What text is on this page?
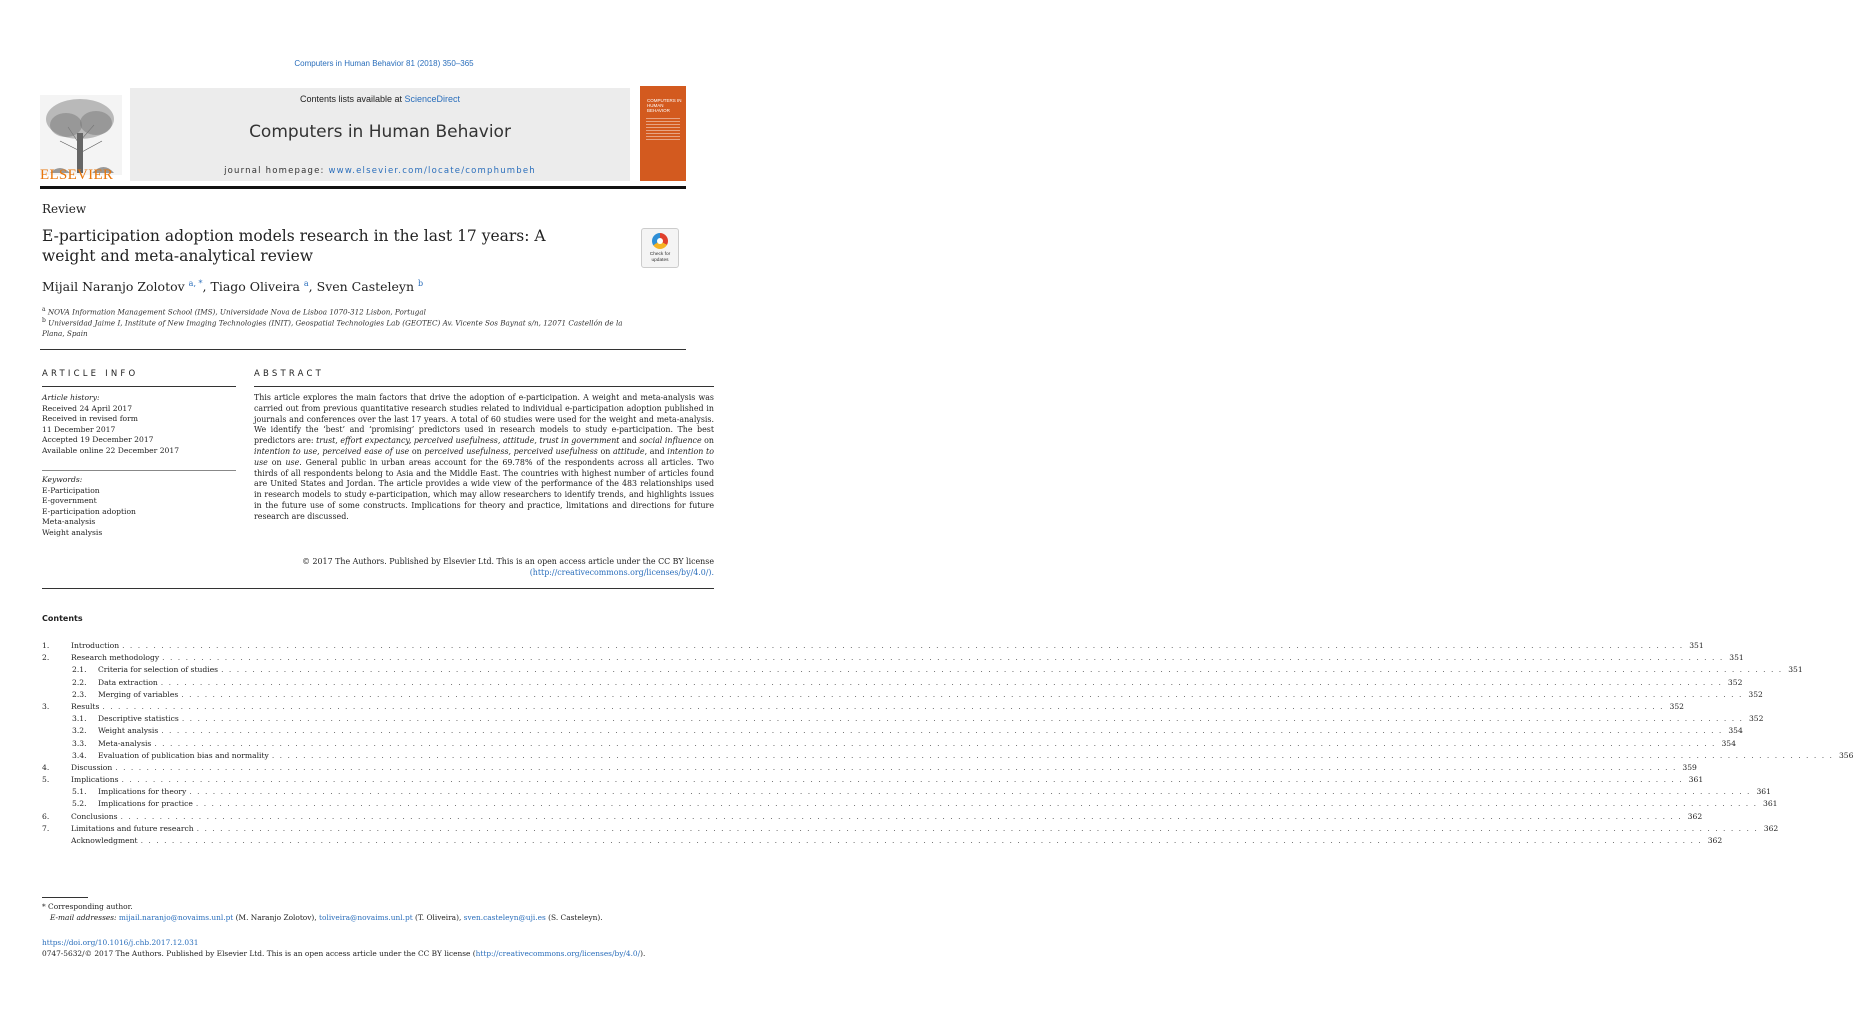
Computers in Human Behavior 81 (2018) 350–365
ELSEVIER
Contents lists available at ScienceDirect
Computers in Human Behavior
journal homepage: www.elsevier.com/locate/comphumbeh
COMPUTERS IN HUMAN BEHAVIOR
Review
E-participation adoption models research in the last 17 years: A weight and meta-analytical review	Check for updates
Mijail Naranjo Zolotov $^{a, *}$, Tiago Oliveira $^a$, Sven Casteleyn $^b$
$^a$ NOVA Information Management School (IMS), Universidade Nova de Lisboa 1070-312 Lisbon, Portugal
$^b$ Universidad Jaime I, Institute of New Imaging Technologies (INIT), Geospatial Technologies Lab (GEOTEC) Av. Vicente Sos Baynat s/n, 12071 Castellón de la Plana, Spain
ARTICLE INFO	ABSTRACT
Article history:
Received 24 April 2017
Received in revised form
11 December 2017
Accepted 19 December 2017
Available online 22 December 2017
Keywords:
E-Participation
E-government
E-participation adoption
Meta-analysis
Weight analysis
This article explores the main factors that drive the adoption of e-participation. A weight and meta-analysis was carried out from previous quantitative research studies related to individual e-participation adoption published in journals and conferences over the last 17 years. A total of 60 studies were used for the weight and meta-analysis. We identify the ‘best’ and ‘promising’ predictors used in research models to study e-participation. The best predictors are: trust, effort expectancy, perceived usefulness, attitude, trust in government and social influence on intention to use, perceived ease of use on perceived usefulness, perceived usefulness on attitude, and intention to use on use. General public in urban areas account for the 69.78% of the respondents across all articles. Two thirds of all respondents belong to Asia and the Middle East. The countries with highest number of articles found are United States and Jordan. The article provides a wide view of the performance of the 483 relationships used in research models to study e-participation, which may allow researchers to identify trends, and highlights issues in the future use of some constructs. Implications for theory and practice, limitations and directions for future research are discussed.
© 2017 The Authors. Published by Elsevier Ltd. This is an open access article under the CC BY license
(http://creativecommons.org/licenses/by/4.0/).
Contents
1.	Introduction . . . . . . . . . . . . . . . . . . . . . . . . . . . . . . . . . . . . . . . . . . . . . . . . . . . . . . . . . . . . . . . . . . . . . . . . . . . . . . . . . . . . . . . . . . . . . . . . . . . . . . . . . . . . . . . . . . . . . . . . . . . . . . . . . . . . . . . . . . . . . . . . . . . . . . . . . . . . . . . . . . . . . . . . . . . . . . . . . . . . . . . . . . . . . . . . . . . . . . . . 351
2.	Research methodology . . . . . . . . . . . . . . . . . . . . . . . . . . . . . . . . . . . . . . . . . . . . . . . . . . . . . . . . . . . . . . . . . . . . . . . . . . . . . . . . . . . . . . . . . . . . . . . . . . . . . . . . . . . . . . . . . . . . . . . . . . . . . . . . . . . . . . . . . . . . . . . . . . . . . . . . . . . . . . . . . . . . . . . . . . . . . . . . . . . . . . . . . . . . . . . . . . . . . . . . 351
2.1.	Criteria for selection of studies . . . . . . . . . . . . . . . . . . . . . . . . . . . . . . . . . . . . . . . . . . . . . . . . . . . . . . . . . . . . . . . . . . . . . . . . . . . . . . . . . . . . . . . . . . . . . . . . . . . . . . . . . . . . . . . . . . . . . . . . . . . . . . . . . . . . . . . . . . . . . . . . . . . . . . . . . . . . . . . . . . . . . . . . . . . . . . . . . . . . . . . . . . . . . . . . . . . . . . . . 351
2.2.	Data extraction . . . . . . . . . . . . . . . . . . . . . . . . . . . . . . . . . . . . . . . . . . . . . . . . . . . . . . . . . . . . . . . . . . . . . . . . . . . . . . . . . . . . . . . . . . . . . . . . . . . . . . . . . . . . . . . . . . . . . . . . . . . . . . . . . . . . . . . . . . . . . . . . . . . . . . . . . . . . . . . . . . . . . . . . . . . . . . . . . . . . . . . . . . . . . . . . . . . . . . . . 352
2.3.	Merging of variables . . . . . . . . . . . . . . . . . . . . . . . . . . . . . . . . . . . . . . . . . . . . . . . . . . . . . . . . . . . . . . . . . . . . . . . . . . . . . . . . . . . . . . . . . . . . . . . . . . . . . . . . . . . . . . . . . . . . . . . . . . . . . . . . . . . . . . . . . . . . . . . . . . . . . . . . . . . . . . . . . . . . . . . . . . . . . . . . . . . . . . . . . . . . . . . . . . . . . . . . 352
3.	Results . . . . . . . . . . . . . . . . . . . . . . . . . . . . . . . . . . . . . . . . . . . . . . . . . . . . . . . . . . . . . . . . . . . . . . . . . . . . . . . . . . . . . . . . . . . . . . . . . . . . . . . . . . . . . . . . . . . . . . . . . . . . . . . . . . . . . . . . . . . . . . . . . . . . . . . . . . . . . . . . . . . . . . . . . . . . . . . . . . . . . . . . . . . . . . . . . . . . . . . . 352
3.1.	Descriptive statistics . . . . . . . . . . . . . . . . . . . . . . . . . . . . . . . . . . . . . . . . . . . . . . . . . . . . . . . . . . . . . . . . . . . . . . . . . . . . . . . . . . . . . . . . . . . . . . . . . . . . . . . . . . . . . . . . . . . . . . . . . . . . . . . . . . . . . . . . . . . . . . . . . . . . . . . . . . . . . . . . . . . . . . . . . . . . . . . . . . . . . . . . . . . . . . . . . . . . . . . . 352
3.2.	Weight analysis . . . . . . . . . . . . . . . . . . . . . . . . . . . . . . . . . . . . . . . . . . . . . . . . . . . . . . . . . . . . . . . . . . . . . . . . . . . . . . . . . . . . . . . . . . . . . . . . . . . . . . . . . . . . . . . . . . . . . . . . . . . . . . . . . . . . . . . . . . . . . . . . . . . . . . . . . . . . . . . . . . . . . . . . . . . . . . . . . . . . . . . . . . . . . . . . . . . . . . . . 354
3.3.	Meta-analysis . . . . . . . . . . . . . . . . . . . . . . . . . . . . . . . . . . . . . . . . . . . . . . . . . . . . . . . . . . . . . . . . . . . . . . . . . . . . . . . . . . . . . . . . . . . . . . . . . . . . . . . . . . . . . . . . . . . . . . . . . . . . . . . . . . . . . . . . . . . . . . . . . . . . . . . . . . . . . . . . . . . . . . . . . . . . . . . . . . . . . . . . . . . . . . . . . . . . . . . . 354
3.4.	Evaluation of publication bias and normality . . . . . . . . . . . . . . . . . . . . . . . . . . . . . . . . . . . . . . . . . . . . . . . . . . . . . . . . . . . . . . . . . . . . . . . . . . . . . . . . . . . . . . . . . . . . . . . . . . . . . . . . . . . . . . . . . . . . . . . . . . . . . . . . . . . . . . . . . . . . . . . . . . . . . . . . . . . . . . . . . . . . . . . . . . . . . . . . . . . . . . . . . . . . . . . . . . . . . . . . 356
4.	Discussion . . . . . . . . . . . . . . . . . . . . . . . . . . . . . . . . . . . . . . . . . . . . . . . . . . . . . . . . . . . . . . . . . . . . . . . . . . . . . . . . . . . . . . . . . . . . . . . . . . . . . . . . . . . . . . . . . . . . . . . . . . . . . . . . . . . . . . . . . . . . . . . . . . . . . . . . . . . . . . . . . . . . . . . . . . . . . . . . . . . . . . . . . . . . . . . . . . . . . . . . 359
5.	Implications . . . . . . . . . . . . . . . . . . . . . . . . . . . . . . . . . . . . . . . . . . . . . . . . . . . . . . . . . . . . . . . . . . . . . . . . . . . . . . . . . . . . . . . . . . . . . . . . . . . . . . . . . . . . . . . . . . . . . . . . . . . . . . . . . . . . . . . . . . . . . . . . . . . . . . . . . . . . . . . . . . . . . . . . . . . . . . . . . . . . . . . . . . . . . . . . . . . . . . . . 361
5.1.	Implications for theory . . . . . . . . . . . . . . . . . . . . . . . . . . . . . . . . . . . . . . . . . . . . . . . . . . . . . . . . . . . . . . . . . . . . . . . . . . . . . . . . . . . . . . . . . . . . . . . . . . . . . . . . . . . . . . . . . . . . . . . . . . . . . . . . . . . . . . . . . . . . . . . . . . . . . . . . . . . . . . . . . . . . . . . . . . . . . . . . . . . . . . . . . . . . . . . . . . . . . . . . 361
5.2.	Implications for practice . . . . . . . . . . . . . . . . . . . . . . . . . . . . . . . . . . . . . . . . . . . . . . . . . . . . . . . . . . . . . . . . . . . . . . . . . . . . . . . . . . . . . . . . . . . . . . . . . . . . . . . . . . . . . . . . . . . . . . . . . . . . . . . . . . . . . . . . . . . . . . . . . . . . . . . . . . . . . . . . . . . . . . . . . . . . . . . . . . . . . . . . . . . . . . . . . . . . . . . . 361
6.	Conclusions . . . . . . . . . . . . . . . . . . . . . . . . . . . . . . . . . . . . . . . . . . . . . . . . . . . . . . . . . . . . . . . . . . . . . . . . . . . . . . . . . . . . . . . . . . . . . . . . . . . . . . . . . . . . . . . . . . . . . . . . . . . . . . . . . . . . . . . . . . . . . . . . . . . . . . . . . . . . . . . . . . . . . . . . . . . . . . . . . . . . . . . . . . . . . . . . . . . . . . . . 362
7.	Limitations and future research . . . . . . . . . . . . . . . . . . . . . . . . . . . . . . . . . . . . . . . . . . . . . . . . . . . . . . . . . . . . . . . . . . . . . . . . . . . . . . . . . . . . . . . . . . . . . . . . . . . . . . . . . . . . . . . . . . . . . . . . . . . . . . . . . . . . . . . . . . . . . . . . . . . . . . . . . . . . . . . . . . . . . . . . . . . . . . . . . . . . . . . . . . . . . . . . . . . . . . . . 362
Acknowledgment . . . . . . . . . . . . . . . . . . . . . . . . . . . . . . . . . . . . . . . . . . . . . . . . . . . . . . . . . . . . . . . . . . . . . . . . . . . . . . . . . . . . . . . . . . . . . . . . . . . . . . . . . . . . . . . . . . . . . . . . . . . . . . . . . . . . . . . . . . . . . . . . . . . . . . . . . . . . . . . . . . . . . . . . . . . . . . . . . . . . . . . . . . . . . . . . . . . . . . . . 362
* Corresponding author.
E-mail addresses: mijail.naranjo@novaims.unl.pt (M. Naranjo Zolotov), toliveira@novaims.unl.pt (T. Oliveira), sven.casteleyn@uji.es (S. Casteleyn).
https://doi.org/10.1016/j.chb.2017.12.031
0747-5632/© 2017 The Authors. Published by Elsevier Ltd. This is an open access article under the CC BY license (http://creativecommons.org/licenses/by/4.0/).
